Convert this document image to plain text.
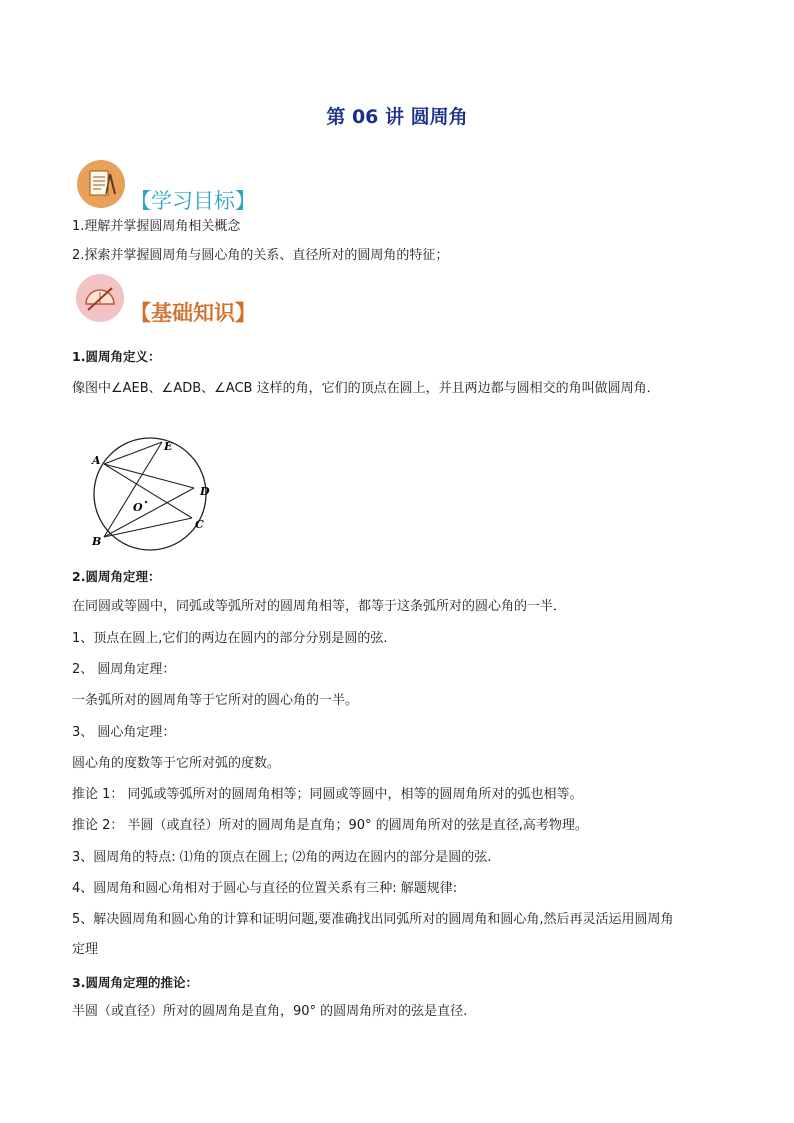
第 06 讲 圆周角
【学习目标】
1.理解并掌握圆周角相关概念
2.探索并掌握圆周角与圆心角的关系、直径所对的圆周角的特征；
【基础知识】
1.圆周角定义：
像图中∠AEB、∠ADB、∠ACB 这样的角，它们的顶点在圆上，并且两边都与圆相交的角叫做圆周角．
A
E
D
C
B
O
2.圆周角定理：
在同圆或等圆中，同弧或等弧所对的圆周角相等，都等于这条弧所对的圆心角的一半．
1、顶点在圆上,它们的两边在圆内的部分分别是圆的弦.
2、 圆周角定理：
一条弧所对的圆周角等于它所对的圆心角的一半。
3、 圆心角定理：
圆心角的度数等于它所对弧的度数。
推论 1： 同弧或等弧所对的圆周角相等；同圆或等圆中，相等的圆周角所对的弧也相等。
推论 2： 半圆（或直径）所对的圆周角是直角；90° 的圆周角所对的弦是直径,高考物理。
3、圆周角的特点: ⑴角的顶点在圆上; ⑵角的两边在圆内的部分是圆的弦.
4、圆周角和圆心角相对于圆心与直径的位置关系有三种: 解题规律:
5、解决圆周角和圆心角的计算和证明问题,要准确找出同弧所对的圆周角和圆心角,然后再灵活运用圆周角
定理
3.圆周角定理的推论：
半圆（或直径）所对的圆周角是直角，90° 的圆周角所对的弦是直径.
